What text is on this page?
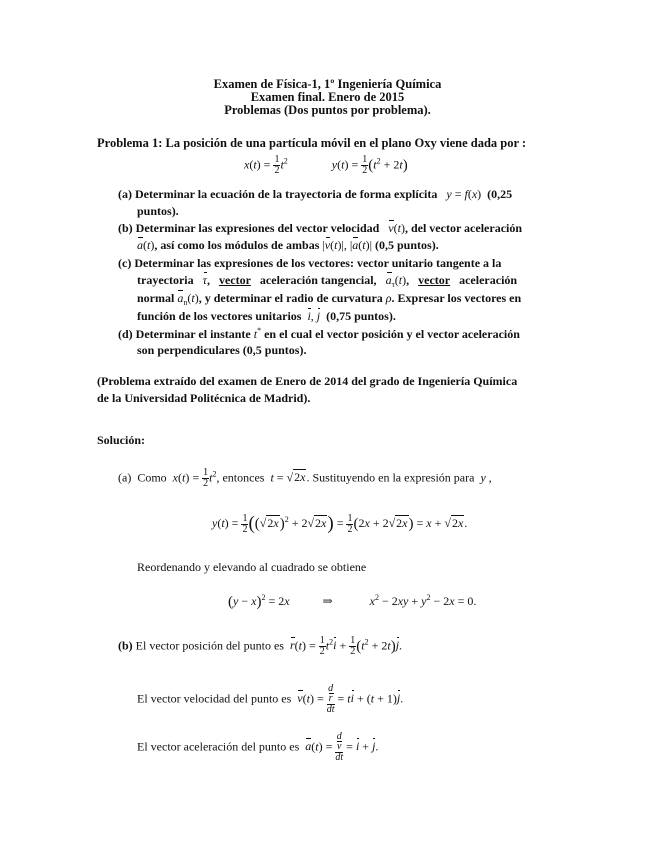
Examen de Física-1, 1º Ingeniería Química
Examen final. Enero de 2015
Problemas (Dos puntos por problema).
Problema 1: La posición de una partícula móvil en el plano Oxy viene dada por :
$x(t) = \frac{1}{2} t^2$	$y(t) = \frac{1}{2} (t^2 + 2t)$
(a) Determinar la ecuación de la trayectoria de forma explícita y = f(x) (0,25
puntos).
(b) Determinar las expresiones del vector velocidad v(t), del vector aceleración
a(t), así como los módulos de ambas |v(t)|, |a(t)| (0,5 puntos).
(c) Determinar las expresiones de los vectores: vector unitario tangente a la
trayectoria τ,   vector aceleración tangencial, $a_\tau(t)$,   vector aceleración
normal $a_n(t)$, y determinar el radio de curvatura ρ. Expresar los vectores en
función de los vectores unitarios i, j (0,75 puntos).
(d) Determinar el instante t* en el cual el vector posición y el vector aceleración
son perpendiculares (0,5 puntos).
(Problema extraído del examen de Enero de 2014 del grado de Ingeniería Química
de la Universidad Politécnica de Madrid).
Solución:
(a) Como $x(t) = \frac{1}{2} t^2$, entonces t = √2x. Sustituyendo en la expresión para y ,
$y(t) = \frac{1}{2} ((√2x)^2 + 2√2x) = \frac{1}{2} (2x + 2√2x) = x + √2x$.
Reordenando y elevando al cuadrado se obtiene
$(y - x)^2 = 2x$	⇒	$x^2 - 2xy + y^2 - 2x = 0$.
(b) El vector posición del punto es $r(t) = \frac{1}{2} t^2i + \frac{1}{2} (t^2 + 2t)j$.
El vector velocidad del punto es v(t) = d
r
dt = ti + (t + 1)j.
El vector aceleración del punto es a(t) = d
v
dt = i + j.
